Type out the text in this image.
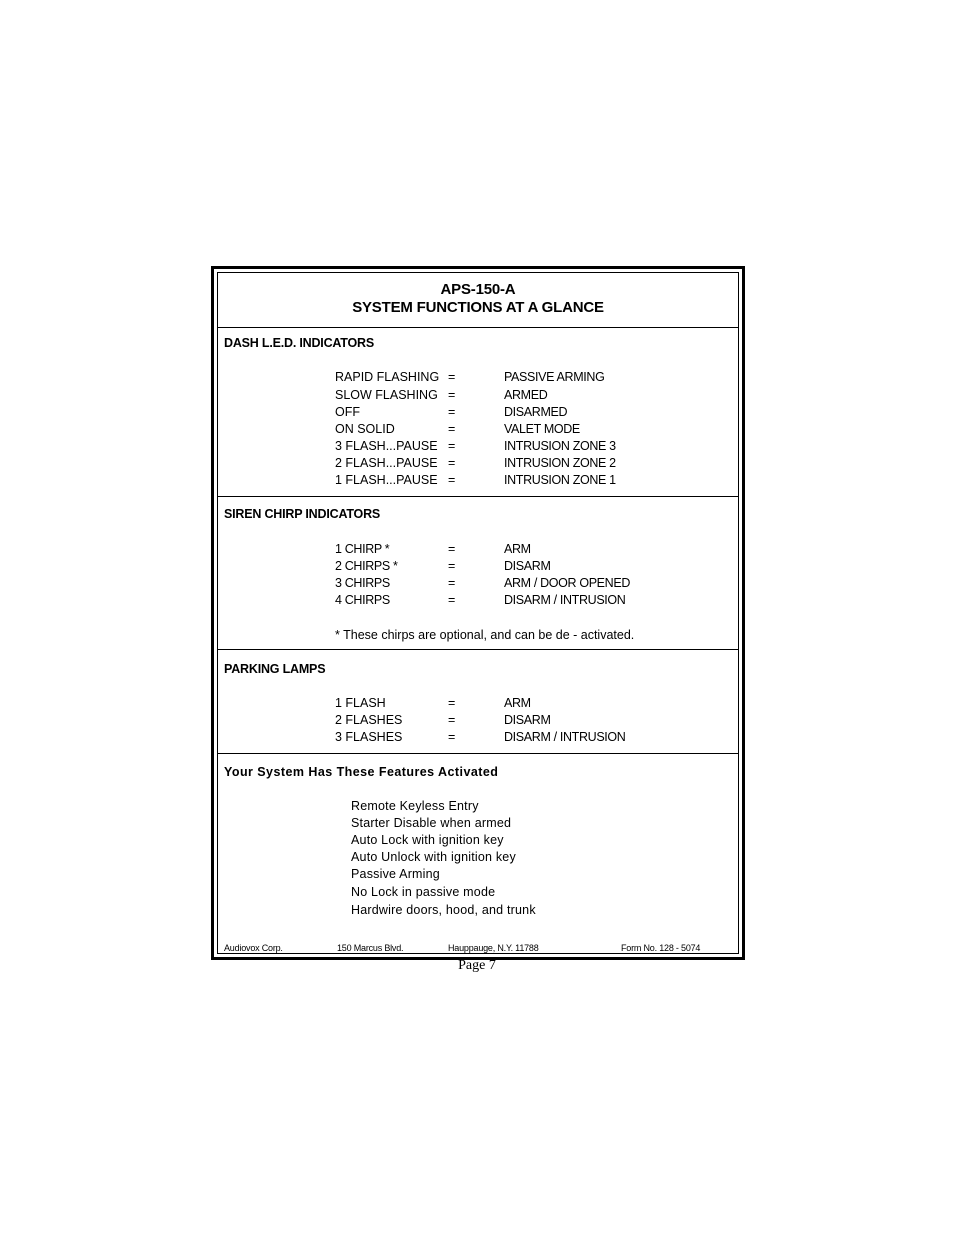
APS-150-A
SYSTEM FUNCTIONS AT A GLANCE
DASH L.E.D. INDICATORS
RAPID FLASHING =	PASSIVE ARMING
SLOW FLASHING =	ARMED
OFF	=	DISARMED
ON SOLID	=	VALET MODE
3 FLASH...PAUSE =	INTRUSION ZONE 3
2 FLASH...PAUSE =	INTRUSION ZONE 2
1 FLASH...PAUSE =	INTRUSION ZONE 1
SIREN CHIRP INDICATORS
1 CHIRP *	=	ARM
2 CHIRPS *	=	DISARM
3 CHIRPS	=	ARM / DOOR OPENED
4 CHIRPS	=	DISARM / INTRUSION
* These chirps are optional, and can be de - activated.
PARKING LAMPS
1 FLASH	=	ARM
2 FLASHES	=	DISARM
3 FLASHES	=	DISARM / INTRUSION
Your System Has These Features Activated
Remote Keyless Entry
Starter Disable when armed
Auto Lock with ignition key
Auto Unlock with ignition key
Passive Arming
No Lock in passive mode
Hardwire doors, hood, and trunk
Audiovox Corp.	150 Marcus Blvd.	Hauppauge, N.Y. 11788	Form No. 128 - 5074
Page 7
